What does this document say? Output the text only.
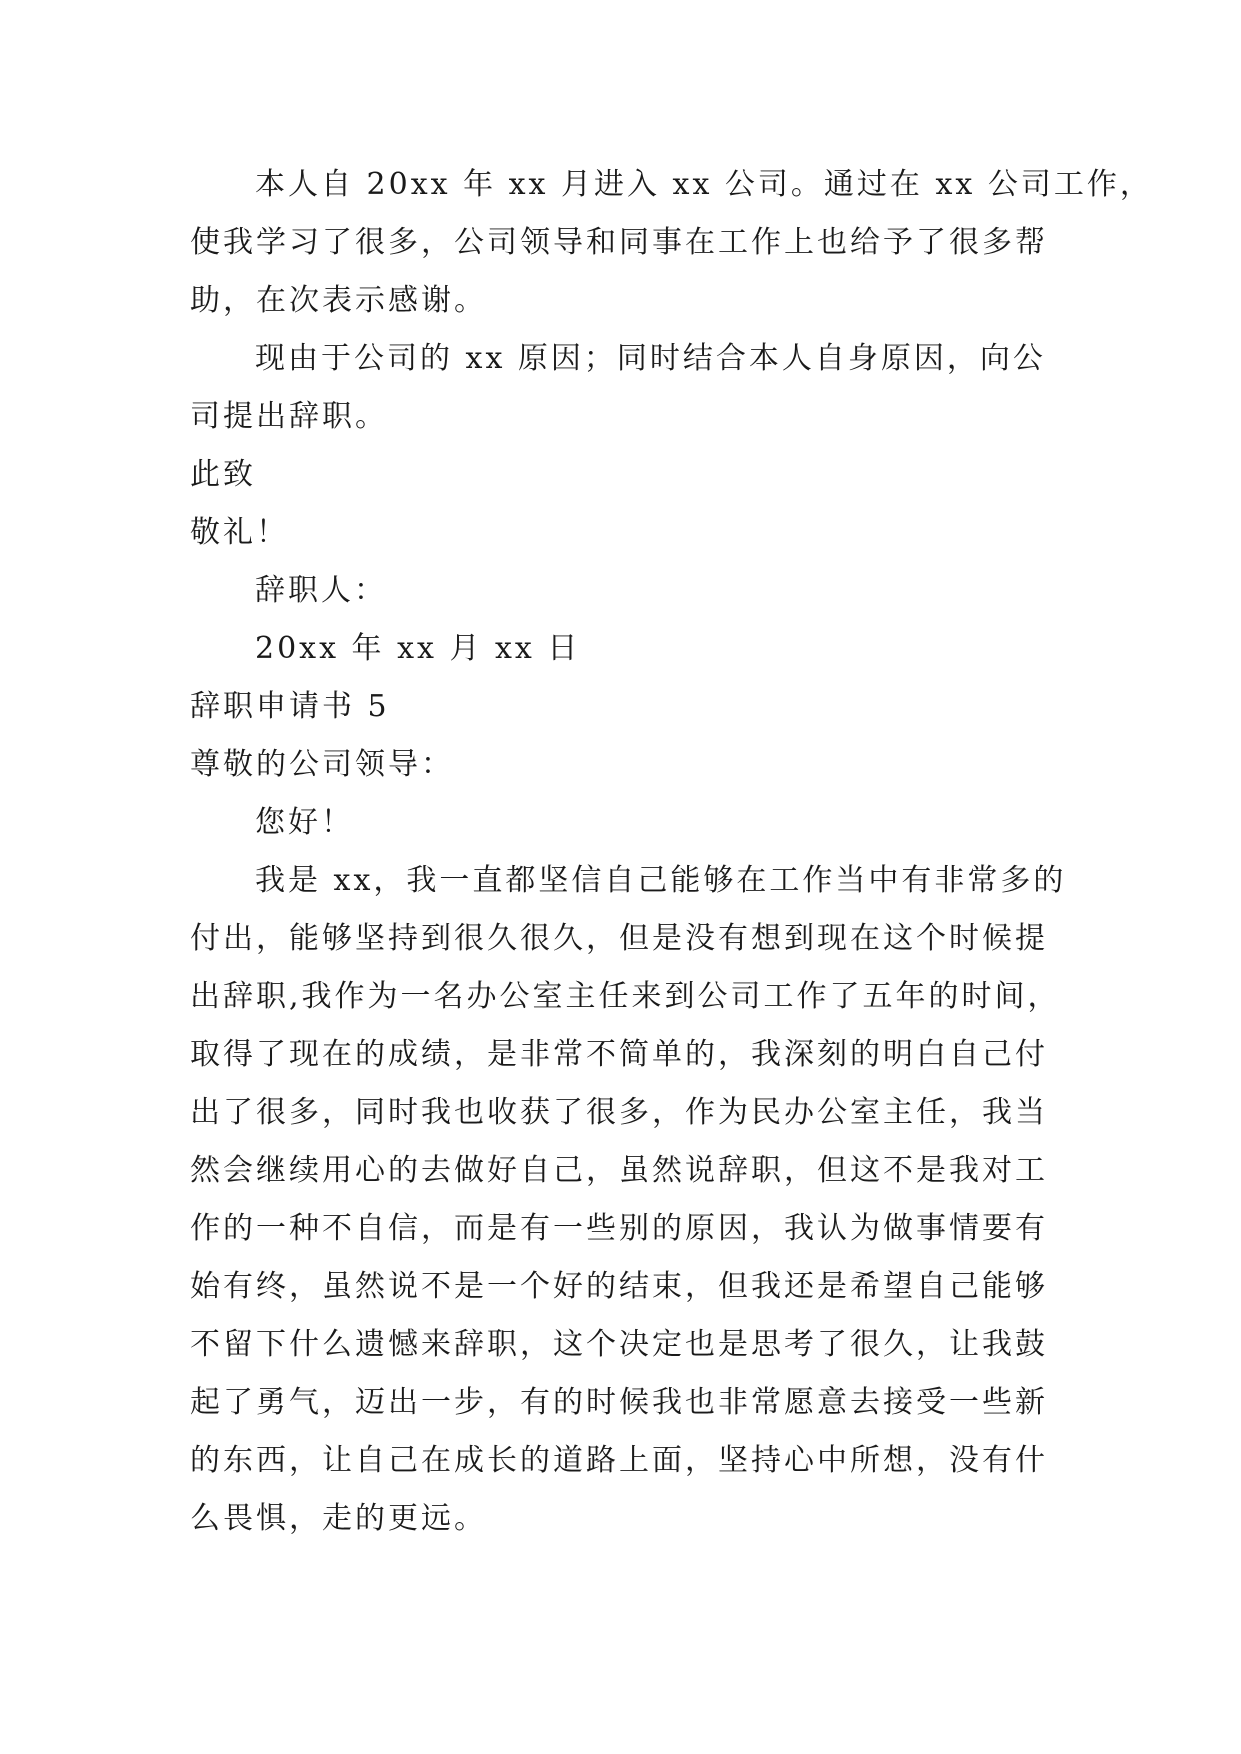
本人自 20xx 年 xx 月进入 xx 公司。通过在 xx 公司工作，
使我学习了很多，公司领导和同事在工作上也给予了很多帮
助，在次表示感谢。
现由于公司的 xx 原因；同时结合本人自身原因，向公
司提出辞职。
此致
敬礼！
辞职人：
20xx 年 xx 月 xx 日
辞职申请书 5
尊敬的公司领导：
您好！
我是 xx，我一直都坚信自己能够在工作当中有非常多的
付出，能够坚持到很久很久，但是没有想到现在这个时候提
出辞职,我作为一名办公室主任来到公司工作了五年的时间，
取得了现在的成绩，是非常不简单的，我深刻的明白自己付
出了很多，同时我也收获了很多，作为民办公室主任，我当
然会继续用心的去做好自己，虽然说辞职，但这不是我对工
作的一种不自信，而是有一些别的原因，我认为做事情要有
始有终，虽然说不是一个好的结束，但我还是希望自己能够
不留下什么遗憾来辞职，这个决定也是思考了很久，让我鼓
起了勇气，迈出一步，有的时候我也非常愿意去接受一些新
的东西，让自己在成长的道路上面，坚持心中所想，没有什
么畏惧，走的更远。
